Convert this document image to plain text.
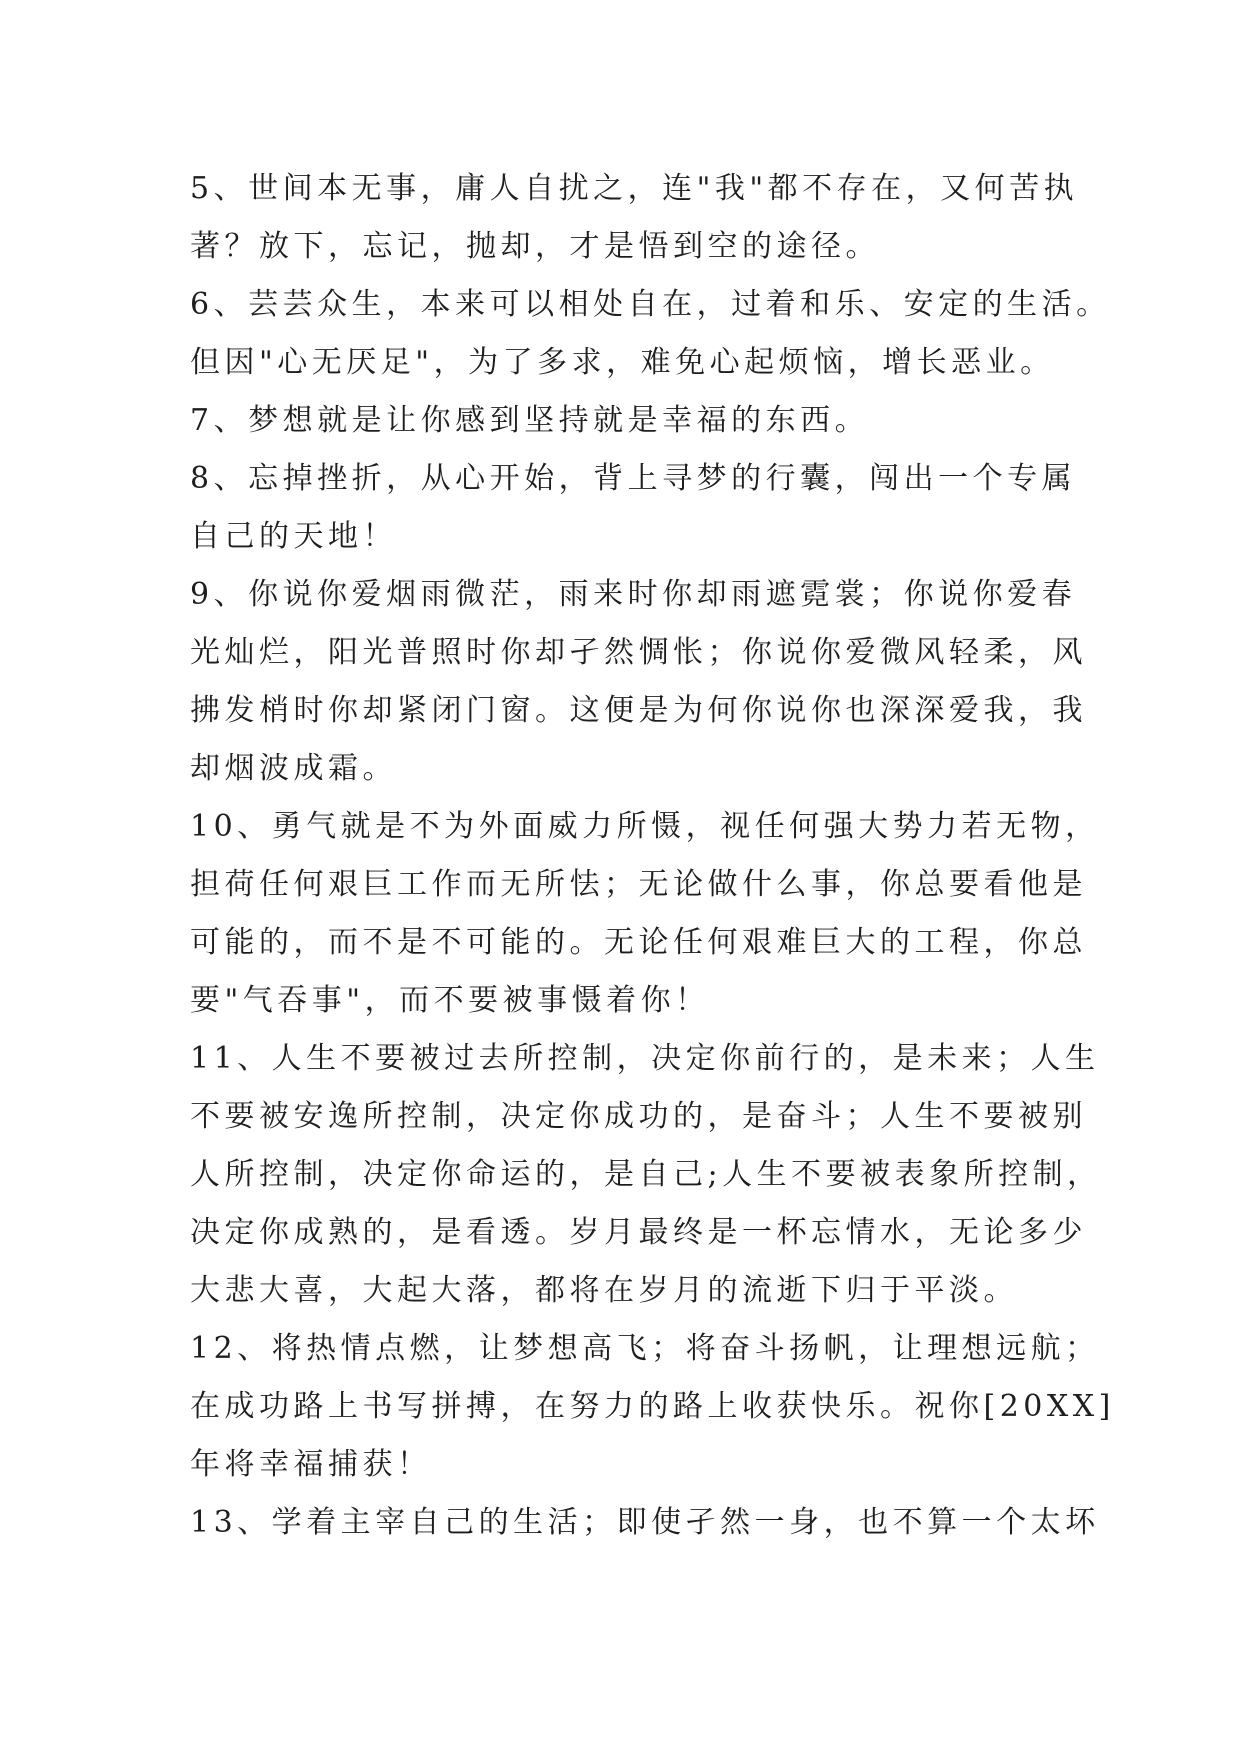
5、世间本无事，庸人自扰之，连"我"都不存在，又何苦执
著？放下，忘记，抛却，才是悟到空的途径。
6、芸芸众生，本来可以相处自在，过着和乐、安定的生活。
但因"心无厌足"，为了多求，难免心起烦恼，增长恶业。
7、梦想就是让你感到坚持就是幸福的东西。
8、忘掉挫折，从心开始，背上寻梦的行囊，闯出一个专属
自己的天地！
9、你说你爱烟雨微茫，雨来时你却雨遮霓裳；你说你爱春
光灿烂，阳光普照时你却孑然惆怅；你说你爱微风轻柔，风
拂发梢时你却紧闭门窗。这便是为何你说你也深深爱我，我
却烟波成霜。
10、勇气就是不为外面威力所慑，视任何强大势力若无物，
担荷任何艰巨工作而无所怯；无论做什么事，你总要看他是
可能的，而不是不可能的。无论任何艰难巨大的工程，你总
要"气吞事"，而不要被事慑着你！
11、人生不要被过去所控制，决定你前行的，是未来；人生
不要被安逸所控制，决定你成功的，是奋斗；人生不要被别
人所控制，决定你命运的，是自己;人生不要被表象所控制，
决定你成熟的，是看透。岁月最终是一杯忘情水，无论多少
大悲大喜，大起大落，都将在岁月的流逝下归于平淡。
12、将热情点燃，让梦想高飞；将奋斗扬帆，让理想远航；
在成功路上书写拼搏，在努力的路上收获快乐。祝你[20XX]
年将幸福捕获！
13、学着主宰自己的生活；即使孑然一身，也不算一个太坏
